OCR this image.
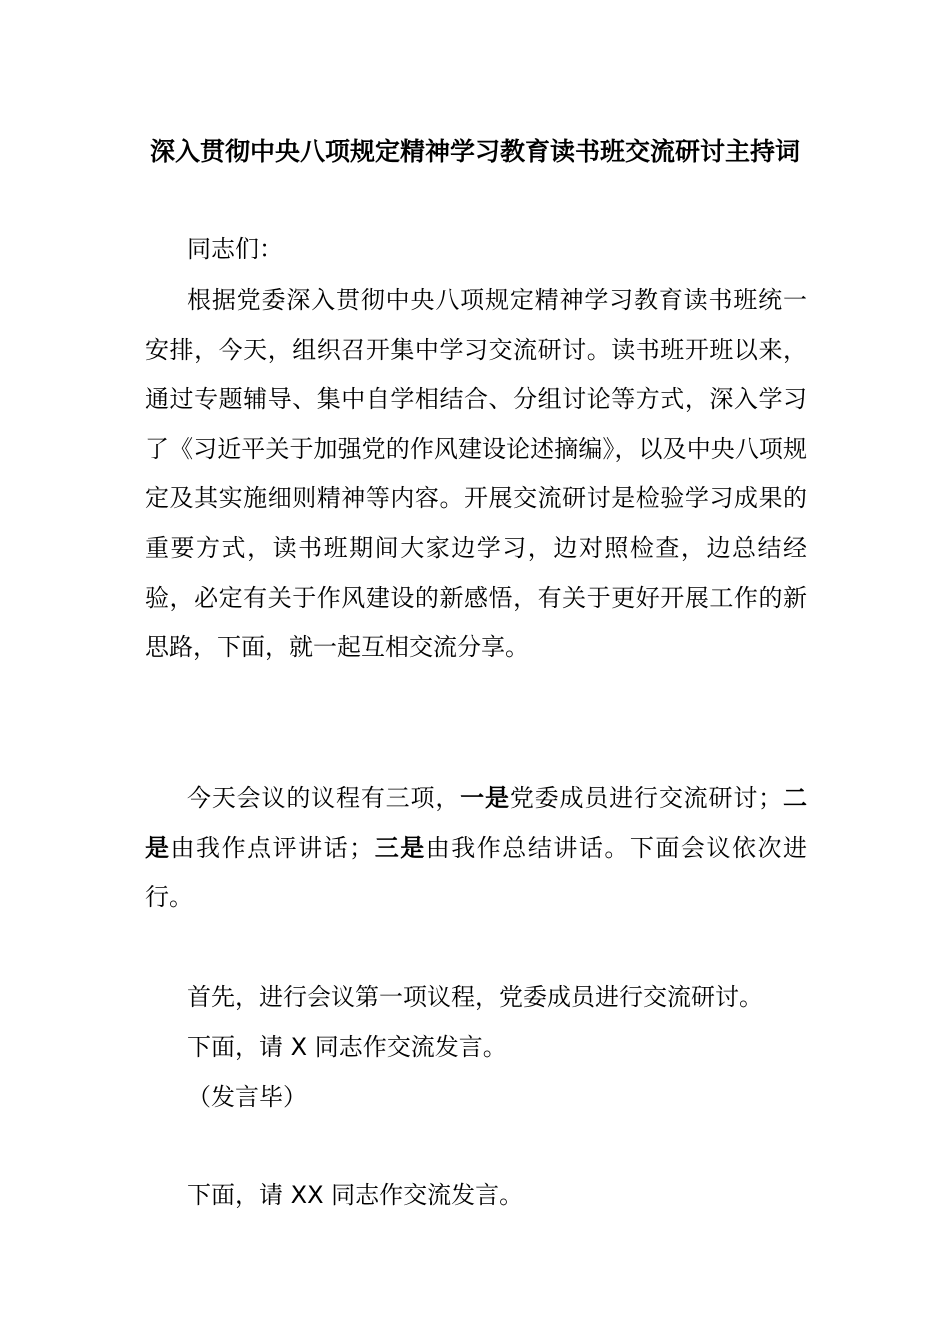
深入贯彻中央八项规定精神学习教育读书班交流研讨主持词

同志们：

根据党委深入贯彻中央八项规定精神学习教育读书班统一安排，今天，组织召开集中学习交流研讨。读书班开班以来，通过专题辅导、集中自学相结合、分组讨论等方式，深入学习了《习近平关于加强党的作风建设论述摘编》，以及中央八项规定及其实施细则精神等内容。开展交流研讨是检验学习成果的重要方式，读书班期间大家边学习，边对照检查，边总结经验，必定有关于作风建设的新感悟，有关于更好开展工作的新思路，下面，就一起互相交流分享。

今天会议的议程有三项，一是党委成员进行交流研讨；二是由我作点评讲话；三是由我作总结讲话。下面会议依次进行。

首先，进行会议第一项议程，党委成员进行交流研讨。

下面，请 X 同志作交流发言。

（发言毕）

下面，请 XX 同志作交流发言。
